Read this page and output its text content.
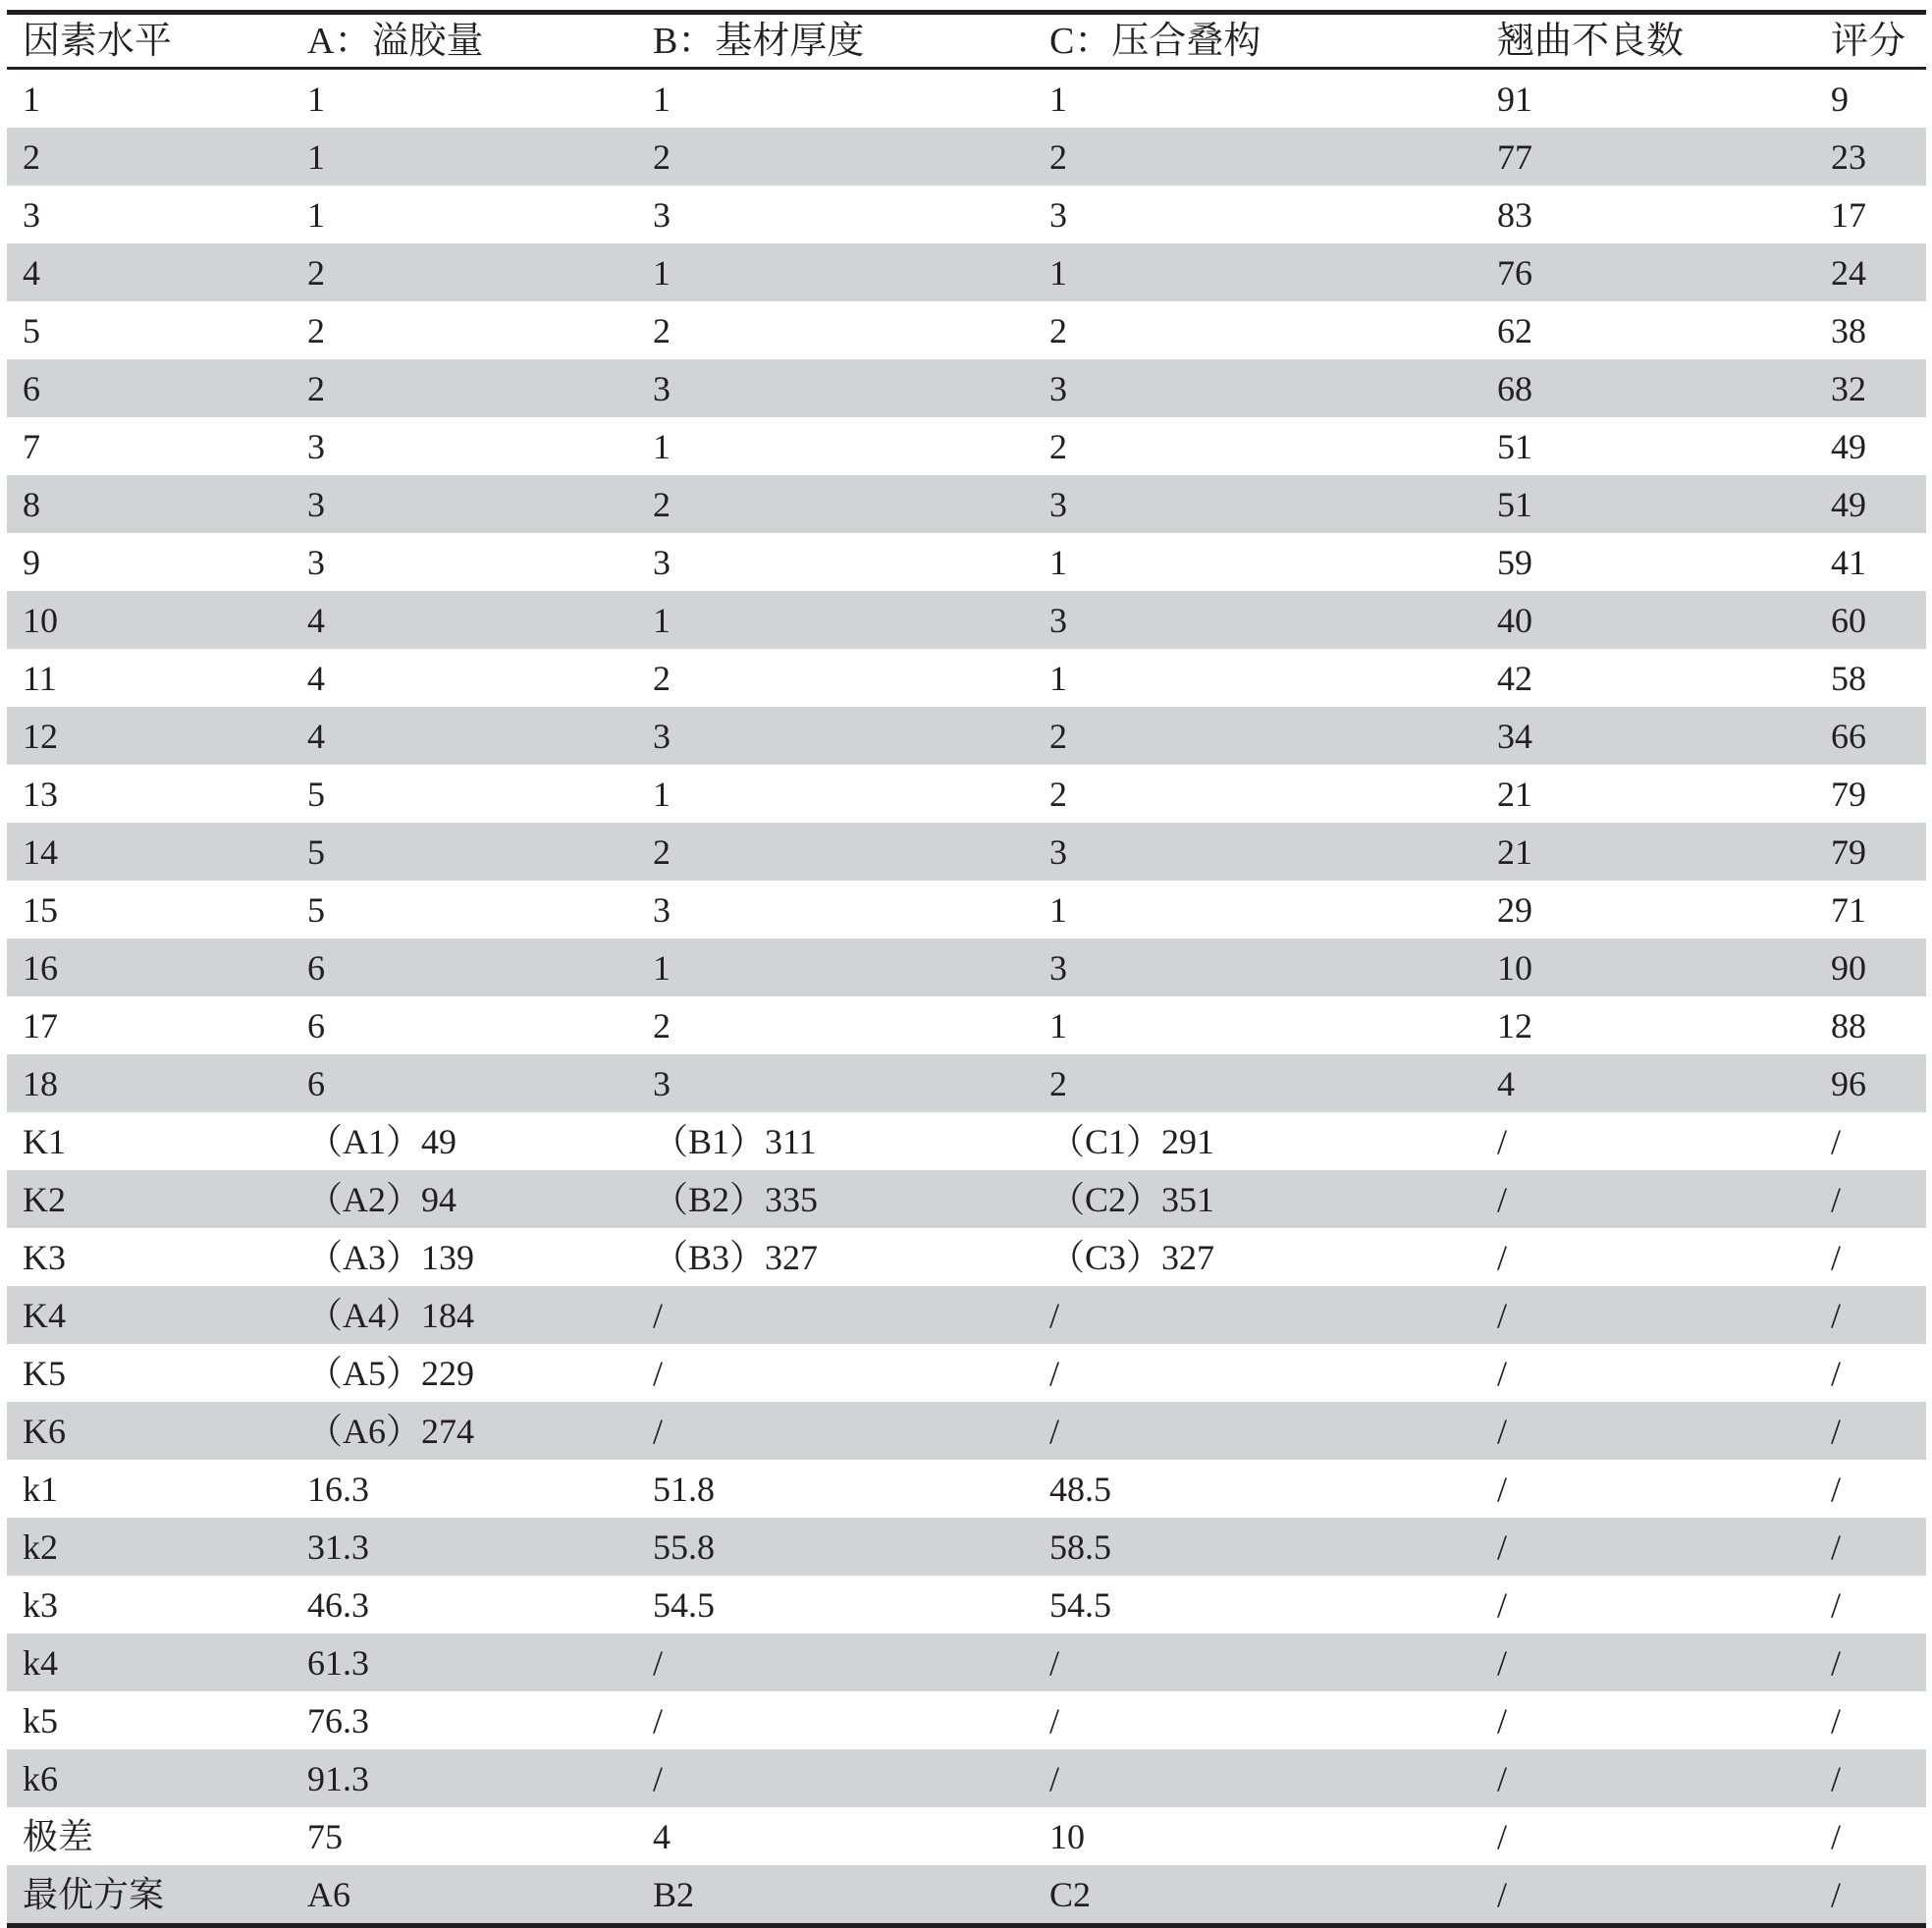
因素水平	A：溢胶量	B：基材厚度	C：压合叠构	翘曲不良数	评分
1	1	1	1	91	9
2	1	2	2	77	23
3	1	3	3	83	17
4	2	1	1	76	24
5	2	2	2	62	38
6	2	3	3	68	32
7	3	1	2	51	49
8	3	2	3	51	49
9	3	3	1	59	41
10	4	1	3	40	60
11	4	2	1	42	58
12	4	3	2	34	66
13	5	1	2	21	79
14	5	2	3	21	79
15	5	3	1	29	71
16	6	1	3	10	90
17	6	2	1	12	88
18	6	3	2	4	96
K1	（A1）49	（B1）311	（C1）291	/	/
K2	（A2）94	（B2）335	（C2）351	/	/
K3	（A3）139	（B3）327	（C3）327	/	/
K4	（A4）184	/	/	/	/
K5	（A5）229	/	/	/	/
K6	（A6）274	/	/	/	/
k1	16.3	51.8	48.5	/	/
k2	31.3	55.8	58.5	/	/
k3	46.3	54.5	54.5	/	/
k4	61.3	/	/	/	/
k5	76.3	/	/	/	/
k6	91.3	/	/	/	/
极差	75	4	10	/	/
最优方案	A6	B2	C2	/	/
